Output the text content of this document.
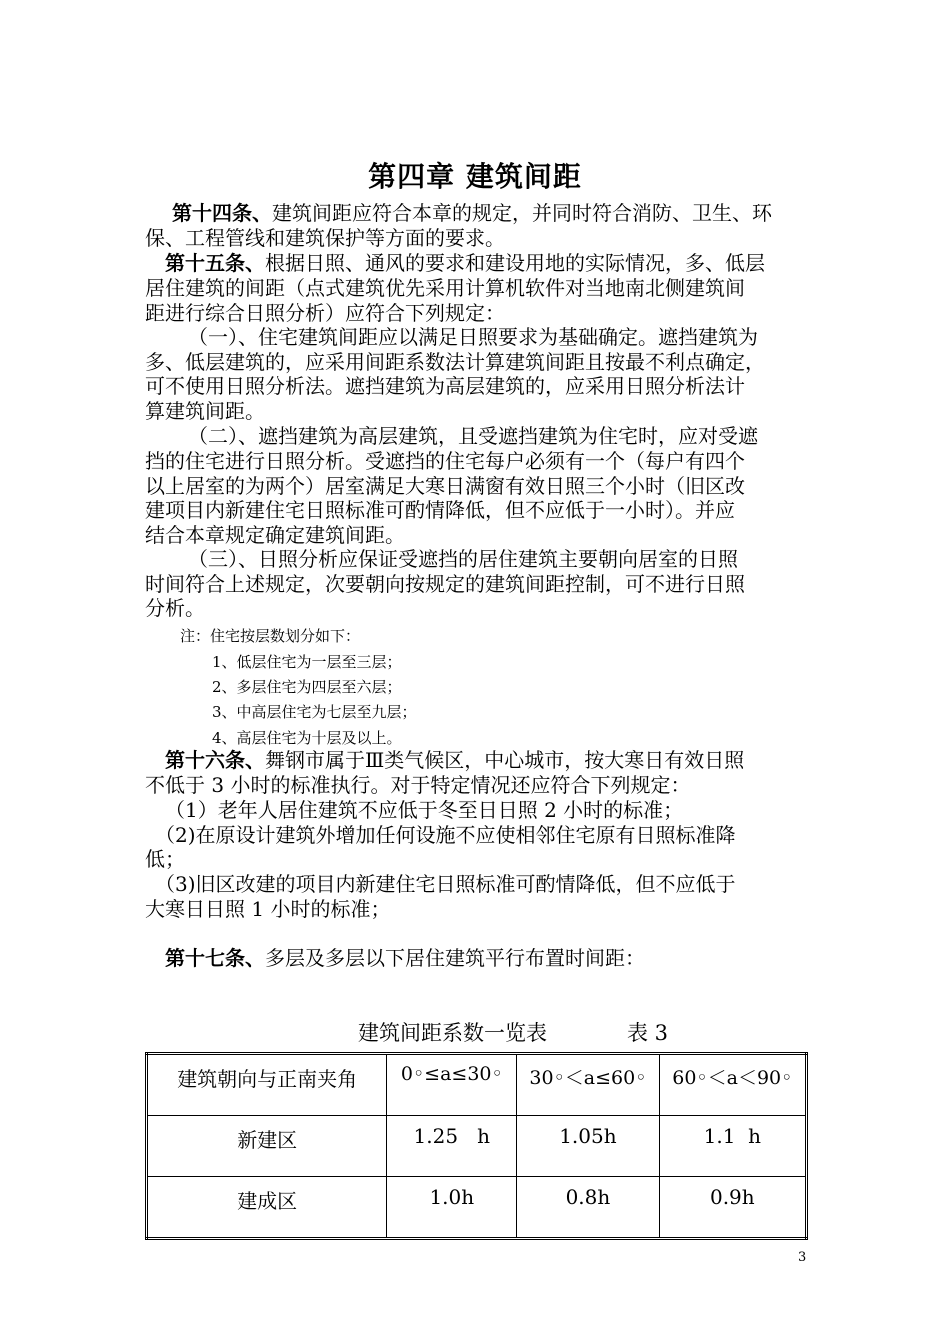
第四章 建筑间距
第十四条、建筑间距应符合本章的规定，并同时符合消防、卫生、环
保、工程管线和建筑保护等方面的要求。
第十五条、根据日照、通风的要求和建设用地的实际情况，多、低层
居住建筑的间距（点式建筑优先采用计算机软件对当地南北侧建筑间
距进行综合日照分析）应符合下列规定：
（一）、住宅建筑间距应以满足日照要求为基础确定。遮挡建筑为
多、低层建筑的，应采用间距系数法计算建筑间距且按最不利点确定，
可不使用日照分析法。遮挡建筑为高层建筑的，应采用日照分析法计
算建筑间距。
（二）、遮挡建筑为高层建筑，且受遮挡建筑为住宅时，应对受遮
挡的住宅进行日照分析。受遮挡的住宅每户必须有一个（每户有四个
以上居室的为两个）居室满足大寒日满窗有效日照三个小时（旧区改
建项目内新建住宅日照标准可酌情降低，但不应低于一小时）。并应
结合本章规定确定建筑间距。
（三）、日照分析应保证受遮挡的居住建筑主要朝向居室的日照
时间符合上述规定，次要朝向按规定的建筑间距控制，可不进行日照
分析。
注：住宅按层数划分如下：
1、低层住宅为一层至三层；
2、多层住宅为四层至六层；
3、中高层住宅为七层至九层；
4、高层住宅为十层及以上。
第十六条、舞钢市属于Ⅲ类气候区，中心城市，按大寒日有效日照
不低于 3 小时的标准执行。对于特定情况还应符合下列规定：
（1）老年人居住建筑不应低于冬至日日照 2 小时的标准；
（2)在原设计建筑外增加任何设施不应使相邻住宅原有日照标准降
低；
（3)旧区改建的项目内新建住宅日照标准可酌情降低，但不应低于
大寒日日照 1 小时的标准；
第十七条、多层及多层以下居住建筑平行布置时间距：
建筑间距系数一览表	表 3
建筑朝向与正南夹角	0◦≤a≤30◦	30◦＜a≤60◦	60◦＜a＜90◦
新建区	1.25   h	1.05h	1.1  h
建成区	1.0h	0.8h	0.9h
3
